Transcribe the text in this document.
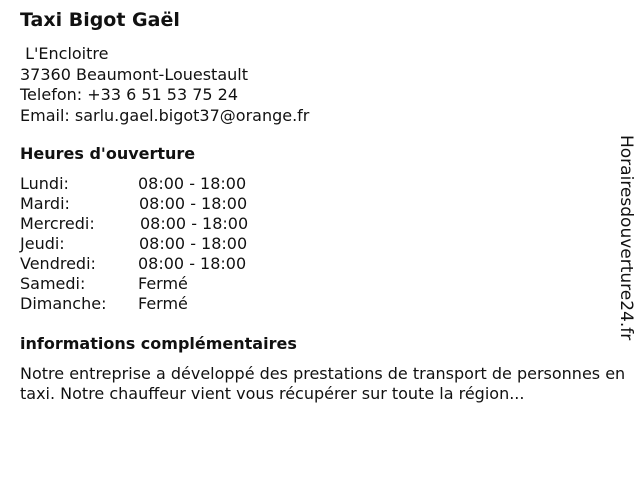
Taxi Bigot Gaël
L'Encloitre
37360 Beaumont-Louestault
Telefon: +33 6 51 53 75 24
Email: sarlu.gael.bigot37@orange.fr
Heures d'ouverture
Lundi:	08:00 - 18:00
Mardi:	08:00 - 18:00
Mercredi:	08:00 - 18:00
Jeudi:	08:00 - 18:00
Vendredi:	08:00 - 18:00
Samedi:	Fermé
Dimanche: Fermé
informations complémentaires
Notre entreprise a développé des prestations de transport de personnes en taxi. Notre chauffeur vient vous récupérer sur toute la région...
Horairesdouverture24.fr
